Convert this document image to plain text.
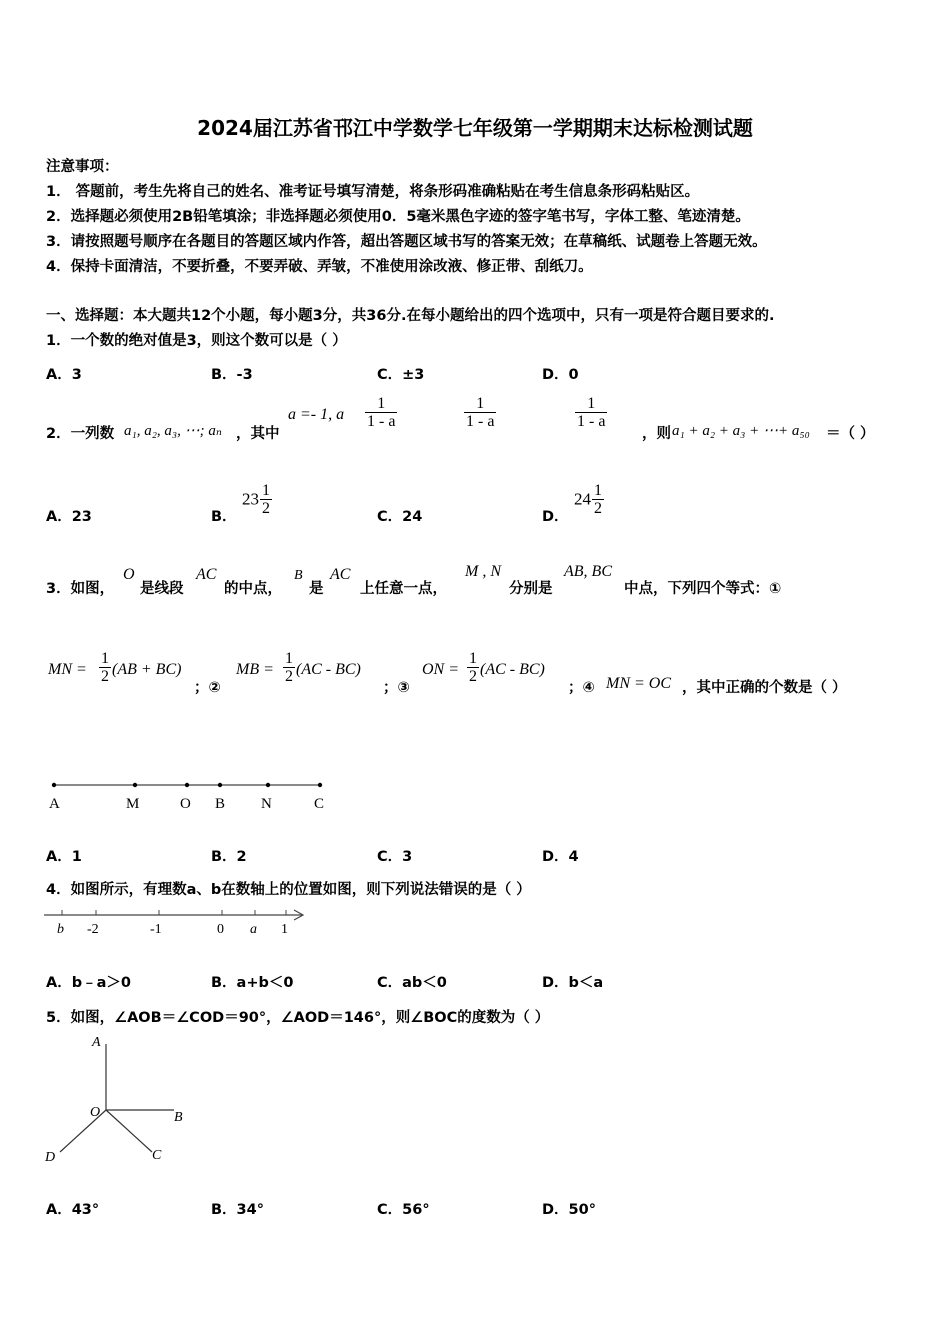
2024届江苏省邗江中学数学七年级第一学期期末达标检测试题
注意事项：
1． 答题前，考生先将自己的姓名、准考证号填写清楚，将条形码准确粘贴在考生信息条形码粘贴区。
2．选择题必须使用2B铅笔填涂；非选择题必须使用0．5毫米黑色字迹的签字笔书写，字体工整、笔迹清楚。
3．请按照题号顺序在各题目的答题区域内作答，超出答题区域书写的答案无效；在草稿纸、试题卷上答题无效。
4．保持卡面清洁，不要折叠，不要弄破、弄皱，不准使用涂改液、修正带、刮纸刀。
一、选择题：本大题共12个小题，每小题3分，共36分.在每小题给出的四个选项中，只有一项是符合题目要求的.
1．一个数的绝对值是3，则这个数可以是（ ）
A．3	B．-3	C．±3	D．0
2．一列数 a₁, a₂, a₃, ⋯; aₙ ，其中
a =- 1, a $\frac{1}{1 - a}$	$\frac{1}{1 - a}$	$\frac{1}{1 - a}$
，则 a₁ + a₂ + a₃ + ⋯+ a₅₀ ＝（ ）
A．23	B．
$23 \frac{1}{2}$	C．24	D．
$24 \frac{1}{2}$
3．如图，
O
是线段
AC
的中点，
B
是
AC
上任意一点，
M , N
分别是
AB, BC
中点，下列四个等式：①
MN = $\frac{1}{2} (AB + BC)$
；②
MB = $\frac{1}{2} (AC - BC)$
；③
ON = $\frac{1}{2} (AC - BC)$
；④ MN = OC ，其中正确的个数是（ ）
A	M	O B N	C
A．1	B．2	C．3	D．4
4．如图所示，有理数a、b在数轴上的位置如图，则下列说法错误的是（ ）
b -2	-1	0 a 1
A．b﹣a＞0	B．a+b＜0	C．ab＜0	D．b＜a
5．如图，∠AOB＝∠COD＝90°，∠AOD＝146°，则∠BOC的度数为（ ）
A
O	B
D	C
A．43°	B．34°	C．56°	D．50°
